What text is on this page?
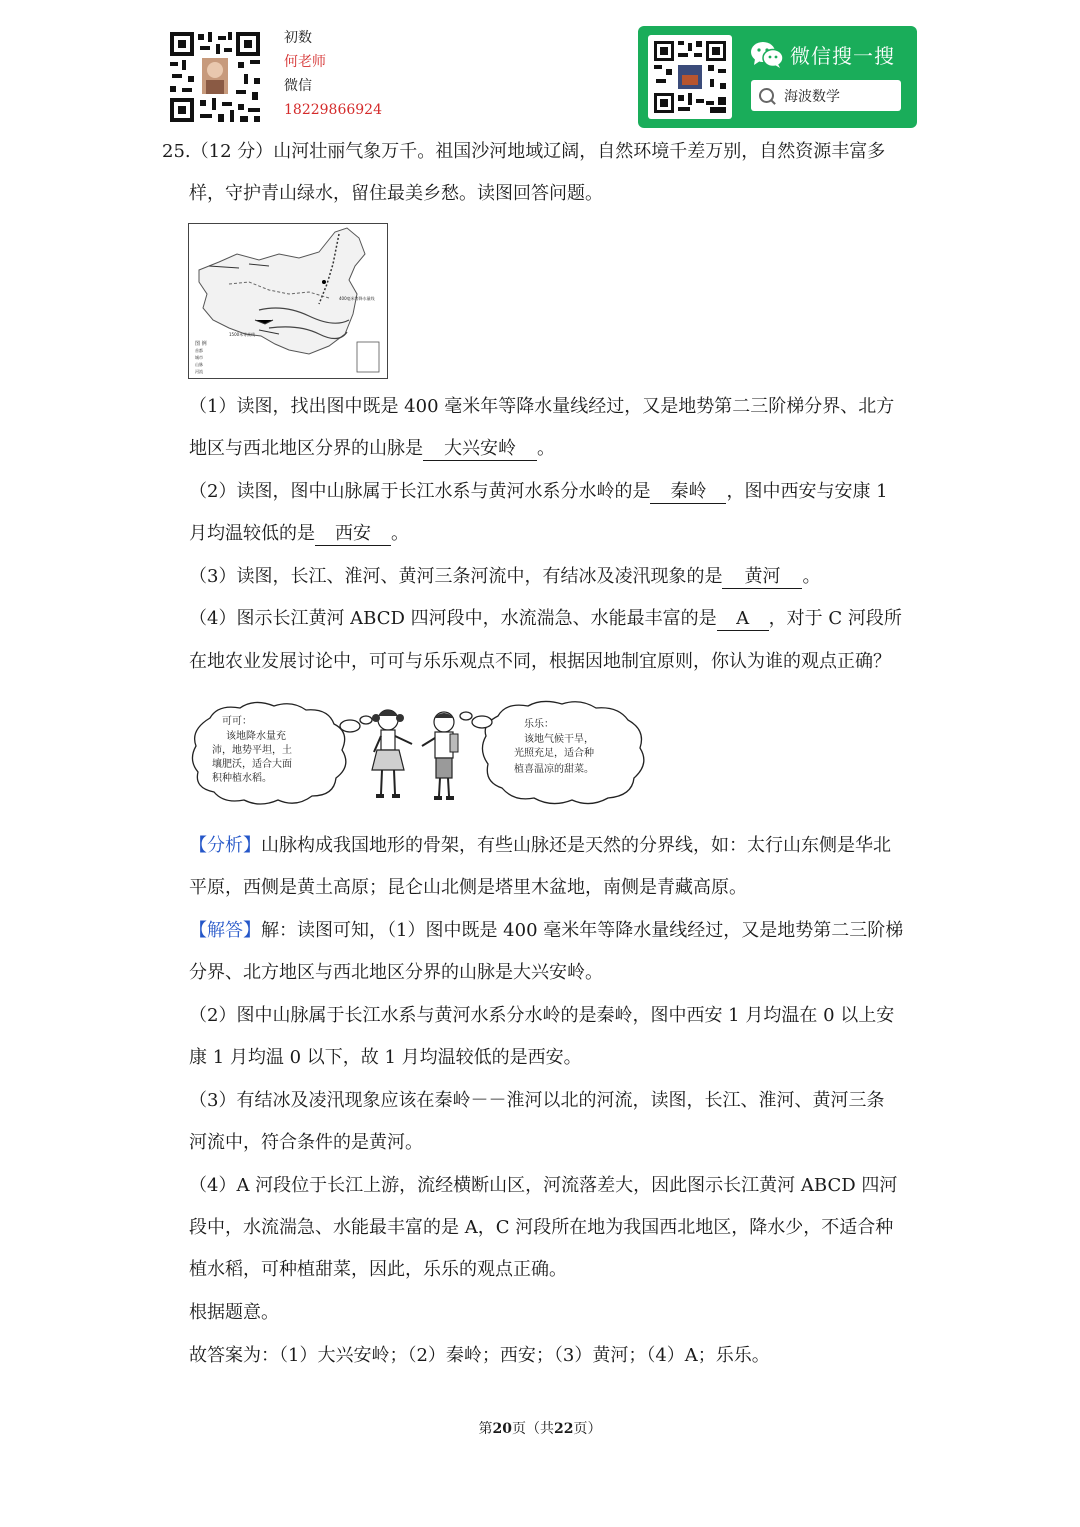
初数
何老师
微信
18229866924
微信搜一搜
海波数学
25.（12 分）山河壮丽气象万千。祖国沙河地域辽阔，自然环境千差万别，自然资源丰富多
样，守护青山绿水，留住最美乡愁。读图回答问题。
图 例
首都
城市
山脉
河流
400毫米等降水量线
1500米等高线
（1）读图，找出图中既是 400 毫米年等降水量线经过，又是地势第二三阶梯分界、北方
地区与西北地区分界的山脉是 大兴安岭 。
（2）读图，图中山脉属于长江水系与黄河水系分水岭的是 秦岭 ，图中西安与安康 1
月均温较低的是 西安 。
（3）读图，长江、淮河、黄河三条河流中，有结冰及凌汛现象的是 黄河 。
（4）图示长江黄河 ABCD 四河段中，水流湍急、水能最丰富的是 A ，对于 C 河段所
在地农业发展讨论中，可可与乐乐观点不同，根据因地制宜原则，你认为谁的观点正确？
可可：
该地降水量充
沛，地势平坦，土
壤肥沃，适合大面
积种植水稻。
乐乐：
该地气候干旱，
光照充足，适合种
植喜温凉的甜菜。
【分析】山脉构成我国地形的骨架，有些山脉还是天然的分界线，如：太行山东侧是华北
平原，西侧是黄土高原；昆仑山北侧是塔里木盆地，南侧是青藏高原。
【解答】解：读图可知，（1）图中既是 400 毫米年等降水量线经过，又是地势第二三阶梯
分界、北方地区与西北地区分界的山脉是大兴安岭。
（2）图中山脉属于长江水系与黄河水系分水岭的是秦岭，图中西安 1 月均温在 0 以上安
康 1 月均温 0 以下，故 1 月均温较低的是西安。
（3）有结冰及凌汛现象应该在秦岭－－淮河以北的河流，读图，长江、淮河、黄河三条
河流中，符合条件的是黄河。
（4）A 河段位于长江上游，流经横断山区，河流落差大，因此图示长江黄河 ABCD 四河
段中，水流湍急、水能最丰富的是 A，C 河段所在地为我国西北地区，降水少，不适合种
植水稻，可种植甜菜，因此，乐乐的观点正确。
根据题意。
故答案为：（1）大兴安岭；（2）秦岭；西安；（3）黄河；（4）A；乐乐。
第20页（共22页）
